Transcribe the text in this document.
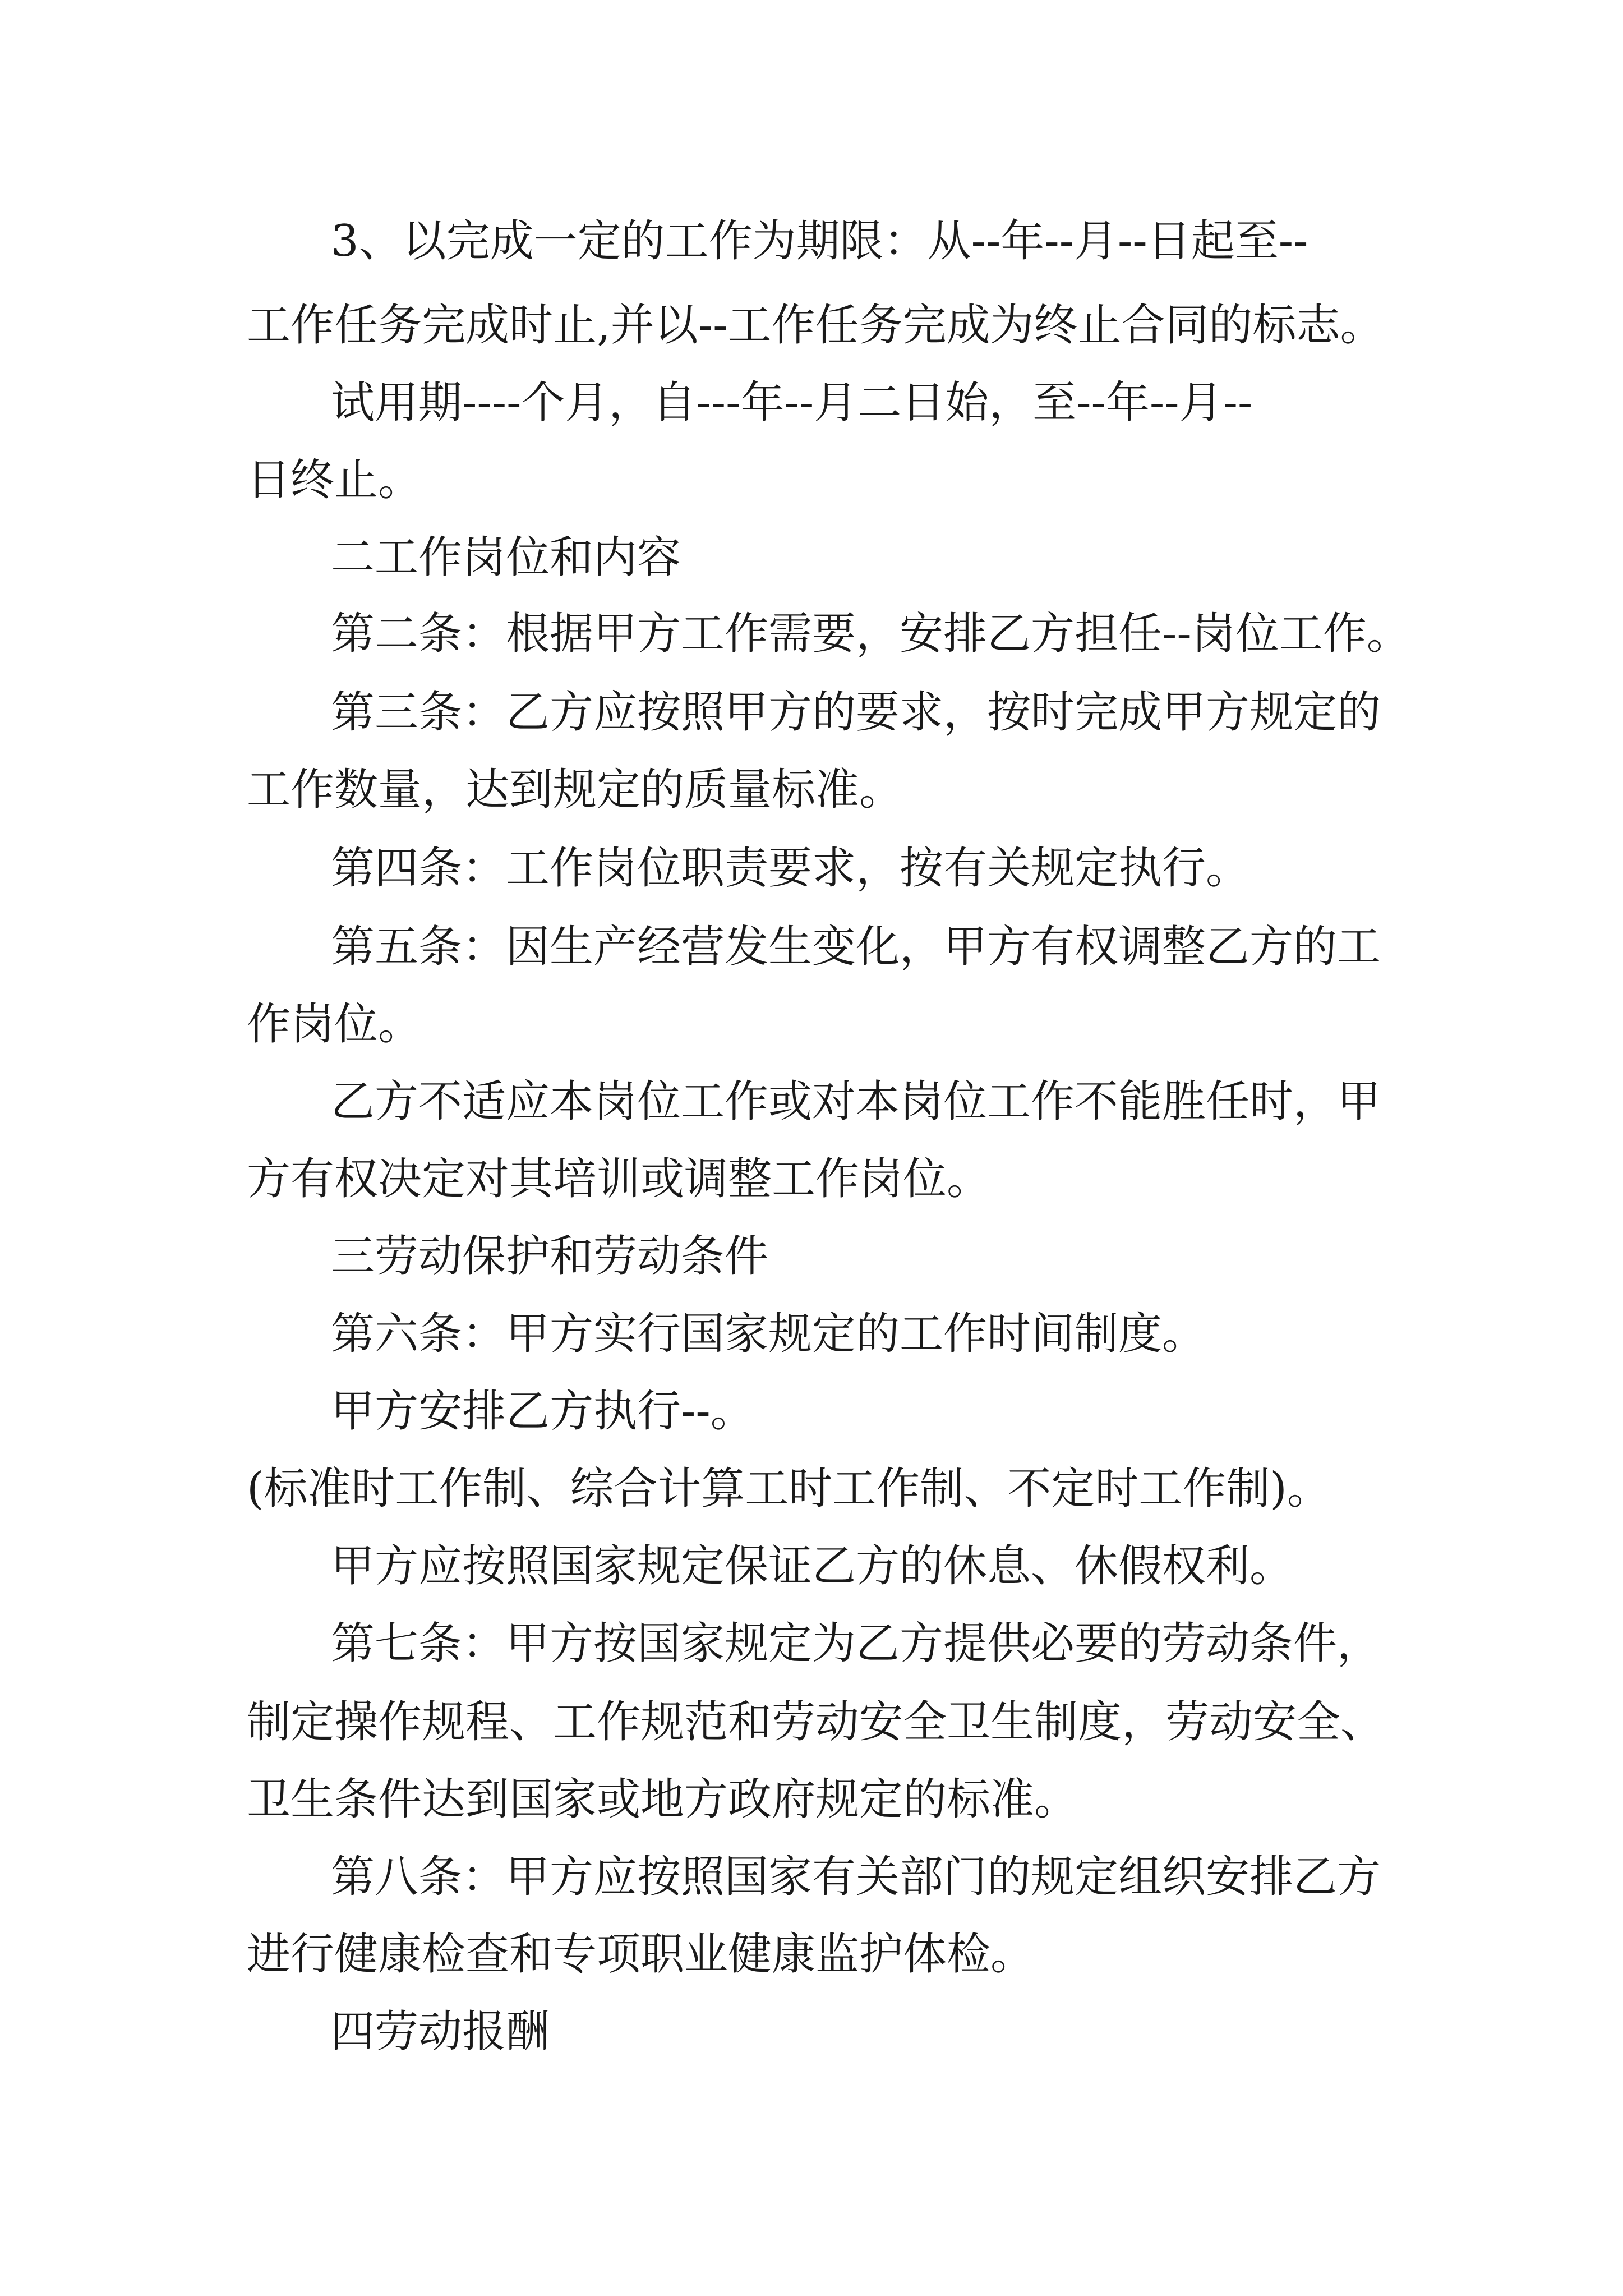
3、以完成一定的工作为期限：从--年--月--日起至--

工作任务完成时止,并以--工作任务完成为终止合同的标志。

试用期----个月，自---年--月二日始，至--年--月--

日终止。

二工作岗位和内容

第二条：根据甲方工作需要，安排乙方担任--岗位工作。

第三条：乙方应按照甲方的要求，按时完成甲方规定的

工作数量，达到规定的质量标准。

第四条：工作岗位职责要求，按有关规定执行。

第五条：因生产经营发生变化，甲方有权调整乙方的工

作岗位。

乙方不适应本岗位工作或对本岗位工作不能胜任时，甲

方有权决定对其培训或调整工作岗位。

三劳动保护和劳动条件

第六条：甲方实行国家规定的工作时间制度。

甲方安排乙方执行--。

(标准时工作制、综合计算工时工作制、不定时工作制)。

甲方应按照国家规定保证乙方的休息、休假权利。

第七条：甲方按国家规定为乙方提供必要的劳动条件，

制定操作规程、工作规范和劳动安全卫生制度，劳动安全、

卫生条件达到国家或地方政府规定的标准。

第八条：甲方应按照国家有关部门的规定组织安排乙方

进行健康检查和专项职业健康监护体检。

四劳动报酬
